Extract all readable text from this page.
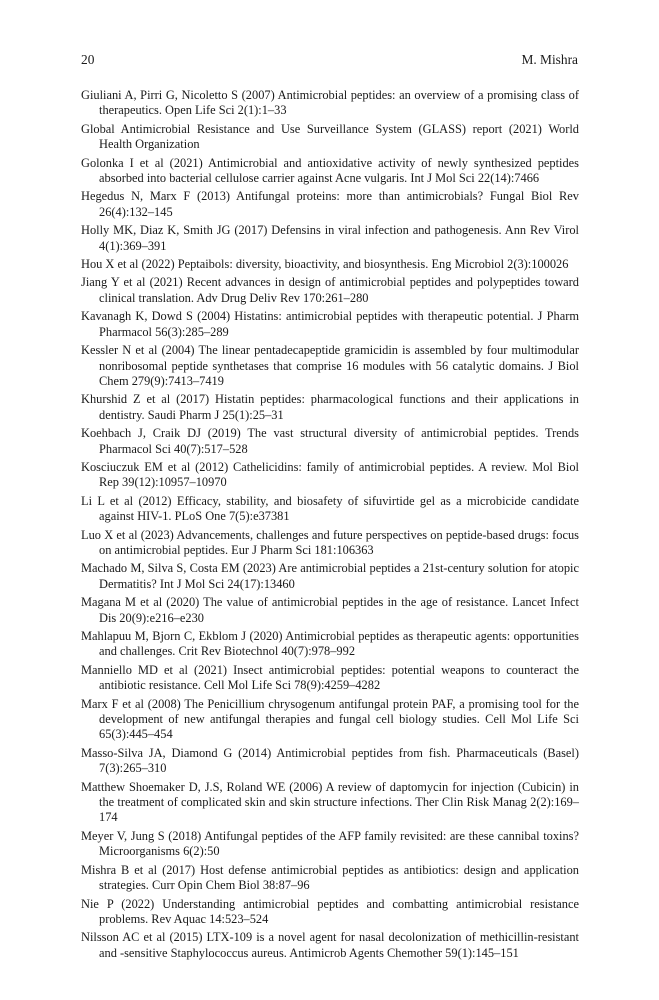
20	M. Mishra
Giuliani A, Pirri G, Nicoletto S (2007) Antimicrobial peptides: an overview of a promising class of therapeutics. Open Life Sci 2(1):1–33
Global Antimicrobial Resistance and Use Surveillance System (GLASS) report (2021) World Health Organization
Golonka I et al (2021) Antimicrobial and antioxidative activity of newly synthesized peptides absorbed into bacterial cellulose carrier against Acne vulgaris. Int J Mol Sci 22(14):7466
Hegedus N, Marx F (2013) Antifungal proteins: more than antimicrobials? Fungal Biol Rev 26(4):132–145
Holly MK, Diaz K, Smith JG (2017) Defensins in viral infection and pathogenesis. Ann Rev Virol 4(1):369–391
Hou X et al (2022) Peptaibols: diversity, bioactivity, and biosynthesis. Eng Microbiol 2(3):100026
Jiang Y et al (2021) Recent advances in design of antimicrobial peptides and polypeptides toward clinical translation. Adv Drug Deliv Rev 170:261–280
Kavanagh K, Dowd S (2004) Histatins: antimicrobial peptides with therapeutic potential. J Pharm Pharmacol 56(3):285–289
Kessler N et al (2004) The linear pentadecapeptide gramicidin is assembled by four multimodular nonribosomal peptide synthetases that comprise 16 modules with 56 catalytic domains. J Biol Chem 279(9):7413–7419
Khurshid Z et al (2017) Histatin peptides: pharmacological functions and their applications in dentistry. Saudi Pharm J 25(1):25–31
Koehbach J, Craik DJ (2019) The vast structural diversity of antimicrobial peptides. Trends Pharmacol Sci 40(7):517–528
Kosciuczuk EM et al (2012) Cathelicidins: family of antimicrobial peptides. A review. Mol Biol Rep 39(12):10957–10970
Li L et al (2012) Efficacy, stability, and biosafety of sifuvirtide gel as a microbicide candidate against HIV-1. PLoS One 7(5):e37381
Luo X et al (2023) Advancements, challenges and future perspectives on peptide-based drugs: focus on antimicrobial peptides. Eur J Pharm Sci 181:106363
Machado M, Silva S, Costa EM (2023) Are antimicrobial peptides a 21st-century solution for atopic Dermatitis? Int J Mol Sci 24(17):13460
Magana M et al (2020) The value of antimicrobial peptides in the age of resistance. Lancet Infect Dis 20(9):e216–e230
Mahlapuu M, Bjorn C, Ekblom J (2020) Antimicrobial peptides as therapeutic agents: opportunities and challenges. Crit Rev Biotechnol 40(7):978–992
Manniello MD et al (2021) Insect antimicrobial peptides: potential weapons to counteract the antibiotic resistance. Cell Mol Life Sci 78(9):4259–4282
Marx F et al (2008) The Penicillium chrysogenum antifungal protein PAF, a promising tool for the development of new antifungal therapies and fungal cell biology studies. Cell Mol Life Sci 65(3):445–454
Masso-Silva JA, Diamond G (2014) Antimicrobial peptides from fish. Pharmaceuticals (Basel) 7(3):265–310
Matthew Shoemaker D, J.S, Roland WE (2006) A review of daptomycin for injection (Cubicin) in the treatment of complicated skin and skin structure infections. Ther Clin Risk Manag 2(2):169–174
Meyer V, Jung S (2018) Antifungal peptides of the AFP family revisited: are these cannibal toxins? Microorganisms 6(2):50
Mishra B et al (2017) Host defense antimicrobial peptides as antibiotics: design and application strategies. Curr Opin Chem Biol 38:87–96
Nie P (2022) Understanding antimicrobial peptides and combatting antimicrobial resistance problems. Rev Aquac 14:523–524
Nilsson AC et al (2015) LTX-109 is a novel agent for nasal decolonization of methicillin-resistant and -sensitive Staphylococcus aureus. Antimicrob Agents Chemother 59(1):145–151
